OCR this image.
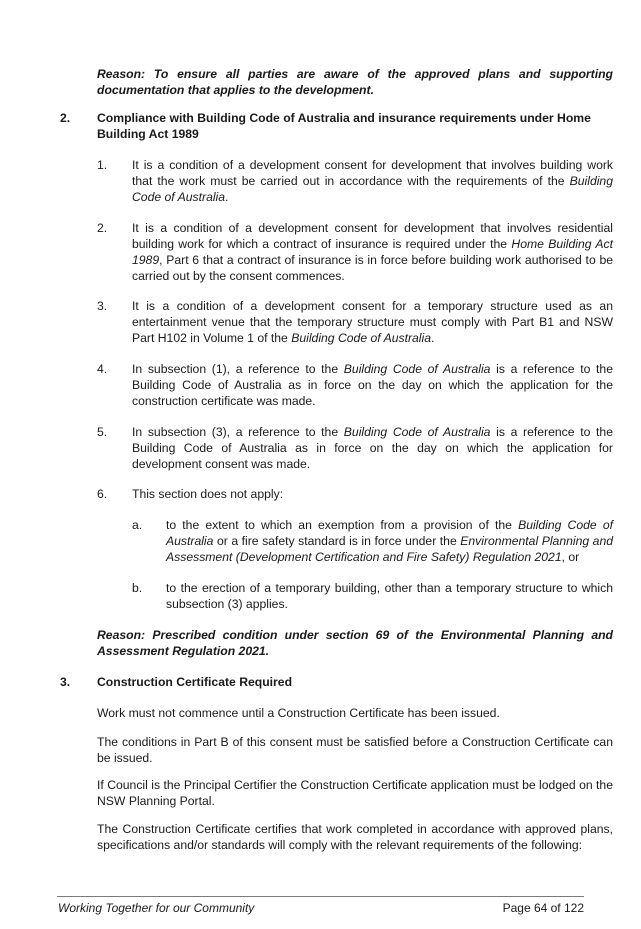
Reason: To ensure all parties are aware of the approved plans and supporting documentation that applies to the development.

2. Compliance with Building Code of Australia and insurance requirements under Home Building Act 1989

1. It is a condition of a development consent for development that involves building work that the work must be carried out in accordance with the requirements of the Building Code of Australia.

2. It is a condition of a development consent for development that involves residential building work for which a contract of insurance is required under the Home Building Act 1989, Part 6 that a contract of insurance is in force before building work authorised to be carried out by the consent commences.

3. It is a condition of a development consent for a temporary structure used as an entertainment venue that the temporary structure must comply with Part B1 and NSW Part H102 in Volume 1 of the Building Code of Australia.

4. In subsection (1), a reference to the Building Code of Australia is a reference to the Building Code of Australia as in force on the day on which the application for the construction certificate was made.

5. In subsection (3), a reference to the Building Code of Australia is a reference to the Building Code of Australia as in force on the day on which the application for development consent was made.

6. This section does not apply:

a. to the extent to which an exemption from a provision of the Building Code of Australia or a fire safety standard is in force under the Environmental Planning and Assessment (Development Certification and Fire Safety) Regulation 2021, or

b. to the erection of a temporary building, other than a temporary structure to which subsection (3) applies.

Reason: Prescribed condition under section 69 of the Environmental Planning and Assessment Regulation 2021.

3. Construction Certificate Required

Work must not commence until a Construction Certificate has been issued.

The conditions in Part B of this consent must be satisfied before a Construction Certificate can be issued.

If Council is the Principal Certifier the Construction Certificate application must be lodged on the NSW Planning Portal.

The Construction Certificate certifies that work completed in accordance with approved plans, specifications and/or standards will comply with the relevant requirements of the following:

Working Together for our Community	Page 64 of 122
